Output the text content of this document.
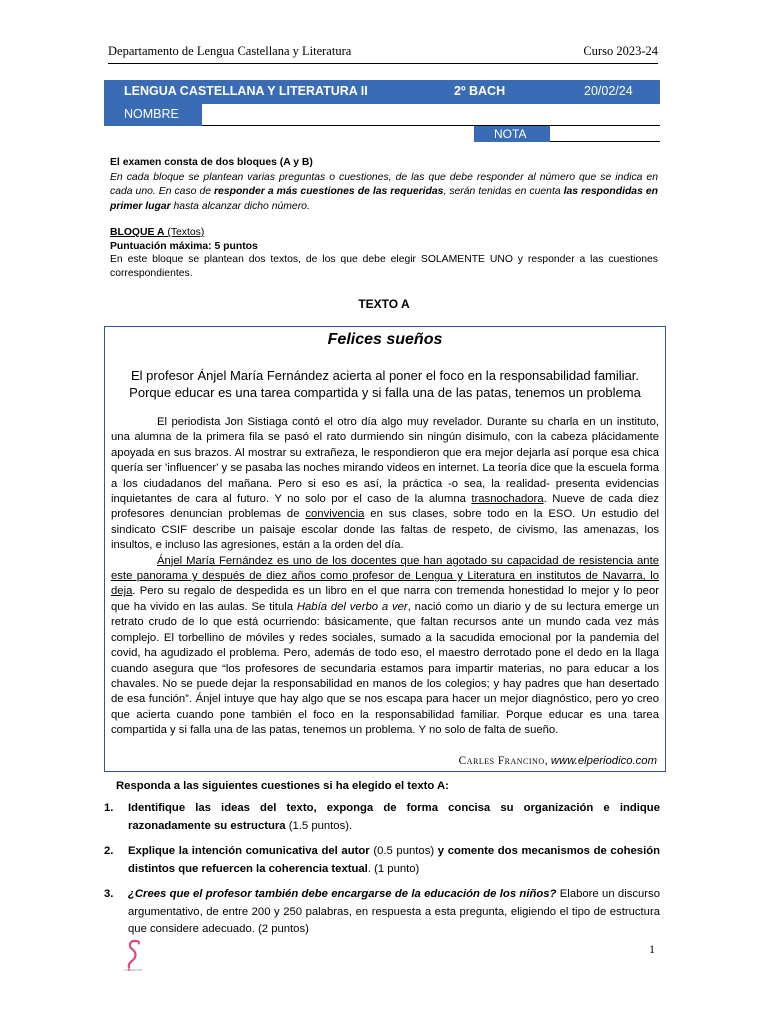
Departamento de Lengua Castellana y Literatura	Curso 2023-24
LENGUA CASTELLANA Y LITERATURA II	2º BACH	20/02/24
NOMBRE
NOTA
El examen consta de dos bloques (A y B)
En cada bloque se plantean varias preguntas o cuestiones, de las que debe responder al número que se indica en cada uno. En caso de responder a más cuestiones de las requeridas, serán tenidas en cuenta las respondidas en primer lugar hasta alcanzar dicho número.
BLOQUE A (Textos)
Puntuación máxima: 5 puntos
En este bloque se plantean dos textos, de los que debe elegir SOLAMENTE UNO y responder a las cuestiones correspondientes.
TEXTO A
Felices sueños
El profesor Ánjel María Fernández acierta al poner el foco en la responsabilidad familiar. Porque educar es una tarea compartida y si falla una de las patas, tenemos un problema

El periodista Jon Sistiaga contó el otro día algo muy revelador. Durante su charla en un instituto, una alumna de la primera fila se pasó el rato durmiendo sin ningún disimulo, con la cabeza plácidamente apoyada en sus brazos. Al mostrar su extrañeza, le respondieron que era mejor dejarla así porque esa chica quería ser 'influencer' y se pasaba las noches mirando videos en internet. La teoría dice que la escuela forma a los ciudadanos del mañana. Pero si eso es así, la práctica -o sea, la realidad- presenta evidencias inquietantes de cara al futuro. Y no solo por el caso de la alumna trasnochadora. Nueve de cada diez profesores denuncian problemas de convivencia en sus clases, sobre todo en la ESO. Un estudio del sindicato CSIF describe un paisaje escolar donde las faltas de respeto, de civismo, las amenazas, los insultos, e incluso las agresiones, están a la orden del día.

Ánjel María Fernández es uno de los docentes que han agotado su capacidad de resistencia ante este panorama y después de diez años como profesor de Lengua y Literatura en institutos de Navarra, lo deja. Pero su regalo de despedida es un libro en el que narra con tremenda honestidad lo mejor y lo peor que ha vivido en las aulas. Se titula Había del verbo a ver, nació como un diario y de su lectura emerge un retrato crudo de lo que está ocurriendo: básicamente, que faltan recursos ante un mundo cada vez más complejo. El torbellino de móviles y redes sociales, sumado a la sacudida emocional por la pandemia del covid, ha agudizado el problema. Pero, además de todo eso, el maestro derrotado pone el dedo en la llaga cuando asegura que “los profesores de secundaria estamos para impartir materias, no para educar a los chavales. No se puede dejar la responsabilidad en manos de los colegios; y hay padres que han desertado de esa función”. Ánjel intuye que hay algo que se nos escapa para hacer un mejor diagnóstico, pero yo creo que acierta cuando pone también el foco en la responsabilidad familiar. Porque educar es una tarea compartida y si falla una de las patas, tenemos un problema. Y no solo de falta de sueño.

Carles Francino, www.elperiodico.com
Responda a las siguientes cuestiones si ha elegido el texto A:
1. Identifique las ideas del texto, exponga de forma concisa su organización e indique razonadamente su estructura (1.5 puntos).
2. Explique la intención comunicativa del autor (0.5 puntos) y comente dos mecanismos de cohesión distintos que refuercen la coherencia textual. (1 punto)
3. ¿Crees que el profesor también debe encargarse de la educación de los niños? Elabore un discurso argumentativo, de entre 200 y 250 palabras, en respuesta a esta pregunta, eligiendo el tipo de estructura que considere adecuado. (2 puntos)
LAGENIOUR
1
